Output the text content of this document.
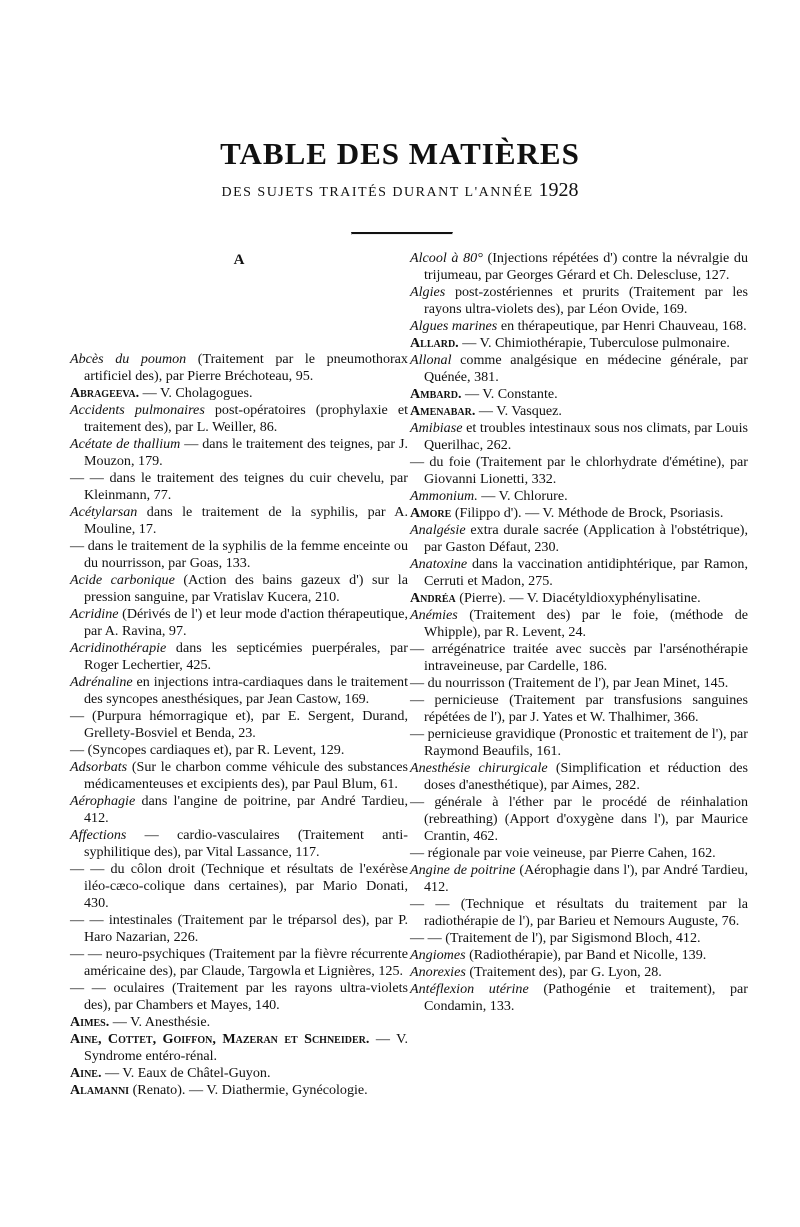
TABLE DES MATIÈRES

DES SUJETS TRAITÉS DURANT L'ANNÉE 1928

A

Abcès du poumon (Traitement par le pneumothorax artificiel des), par Pierre Bréchoteau, 95.

Abrageeva. — V. Cholagogues.

Accidents pulmonaires post-opératoires (prophylaxie et traitement des), par L. Weiller, 86.

Acétate de thallium — dans le traitement des teignes, par J. Mouzon, 179.

— — dans le traitement des teignes du cuir chevelu, par Kleinmann, 77.

Acétylarsan dans le traitement de la syphilis, par A. Mouline, 17.

— dans le traitement de la syphilis de la femme enceinte ou du nourrisson, par Goas, 133.

Acide carbonique (Action des bains gazeux d') sur la pression sanguine, par Vratislav Kucera, 210.

Acridine (Dérivés de l') et leur mode d'action thérapeutique, par A. Ravina, 97.

Acridinothérapie dans les septicémies puerpérales, par Roger Lechertier, 425.

Adrénaline en injections intra-cardiaques dans le traitement des syncopes anesthésiques, par Jean Castow, 169.

— (Purpura hémorragique et), par E. Sergent, Durand, Grellety-Bosviel et Benda, 23.

— (Syncopes cardiaques et), par R. Levent, 129.

Adsorbats (Sur le charbon comme véhicule des substances médicamenteuses et excipients des), par Paul Blum, 61.

Aérophagie dans l'angine de poitrine, par André Tardieu, 412.

Affections — cardio-vasculaires (Traitement anti-syphilitique des), par Vital Lassance, 117.

— — du côlon droit (Technique et résultats de l'exérèse iléo-cæco-colique dans certaines), par Mario Donati, 430.

— — intestinales (Traitement par le tréparsol des), par P. Haro Nazarian, 226.

— — neuro-psychiques (Traitement par la fièvre récurrente américaine des), par Claude, Targowla et Lignières, 125.

— — oculaires (Traitement par les rayons ultra-violets des), par Chambers et Mayes, 140.

Aimes. — V. Anesthésie.

Aine, Cottet, Goiffon, Mazeran et Schneider. — V. Syndrome entéro-rénal.

Aine. — V. Eaux de Châtel-Guyon.

Alamanni (Renato). — V. Diathermie, Gynécologie.

Alcool à 80° (Injections répétées d') contre la névralgie du trijumeau, par Georges Gérard et Ch. Delescluse, 127.

Algies post-zostériennes et prurits (Traitement par les rayons ultra-violets des), par Léon Ovide, 169.

Algues marines en thérapeutique, par Henri Chauveau, 168.

Allard. — V. Chimiothérapie, Tuberculose pulmonaire.

Allonal comme analgésique en médecine générale, par Quénée, 381.

Ambard. — V. Constante.

Amenabar. — V. Vasquez.

Amibiase et troubles intestinaux sous nos climats, par Louis Querilhac, 262.

— du foie (Traitement par le chlorhydrate d'émétine), par Giovanni Lionetti, 332.

Ammonium. — V. Chlorure.

Amore (Filippo d'). — V. Méthode de Brock, Psoriasis.

Analgésie extra durale sacrée (Application à l'obstétrique), par Gaston Défaut, 230.

Anatoxine dans la vaccination antidiphtérique, par Ramon, Cerruti et Madon, 275.

Andréa (Pierre). — V. Diacétyldioxyphénylisatine.

Anémies (Traitement des) par le foie, (méthode de Whipple), par R. Levent, 24.

— arrégénatrice traitée avec succès par l'arsénothérapie intraveineuse, par Cardelle, 186.

— du nourrisson (Traitement de l'), par Jean Minet, 145.

— pernicieuse (Traitement par transfusions sanguines répétées de l'), par J. Yates et W. Thalhimer, 366.

— pernicieuse gravidique (Pronostic et traitement de l'), par Raymond Beaufils, 161.

Anesthésie chirurgicale (Simplification et réduction des doses d'anesthétique), par Aimes, 282.

— générale à l'éther par le procédé de réinhalation (rebreathing) (Apport d'oxygène dans l'), par Maurice Crantin, 462.

— régionale par voie veineuse, par Pierre Cahen, 162.

Angine de poitrine (Aérophagie dans l'), par André Tardieu, 412.

— — (Technique et résultats du traitement par la radiothérapie de l'), par Barieu et Nemours Auguste, 76.

— — (Traitement de l'), par Sigismond Bloch, 412.

Angiomes (Radiothérapie), par Band et Nicolle, 139.

Anorexies (Traitement des), par G. Lyon, 28.

Antéflexion utérine (Pathogénie et traitement), par Condamin, 133.
